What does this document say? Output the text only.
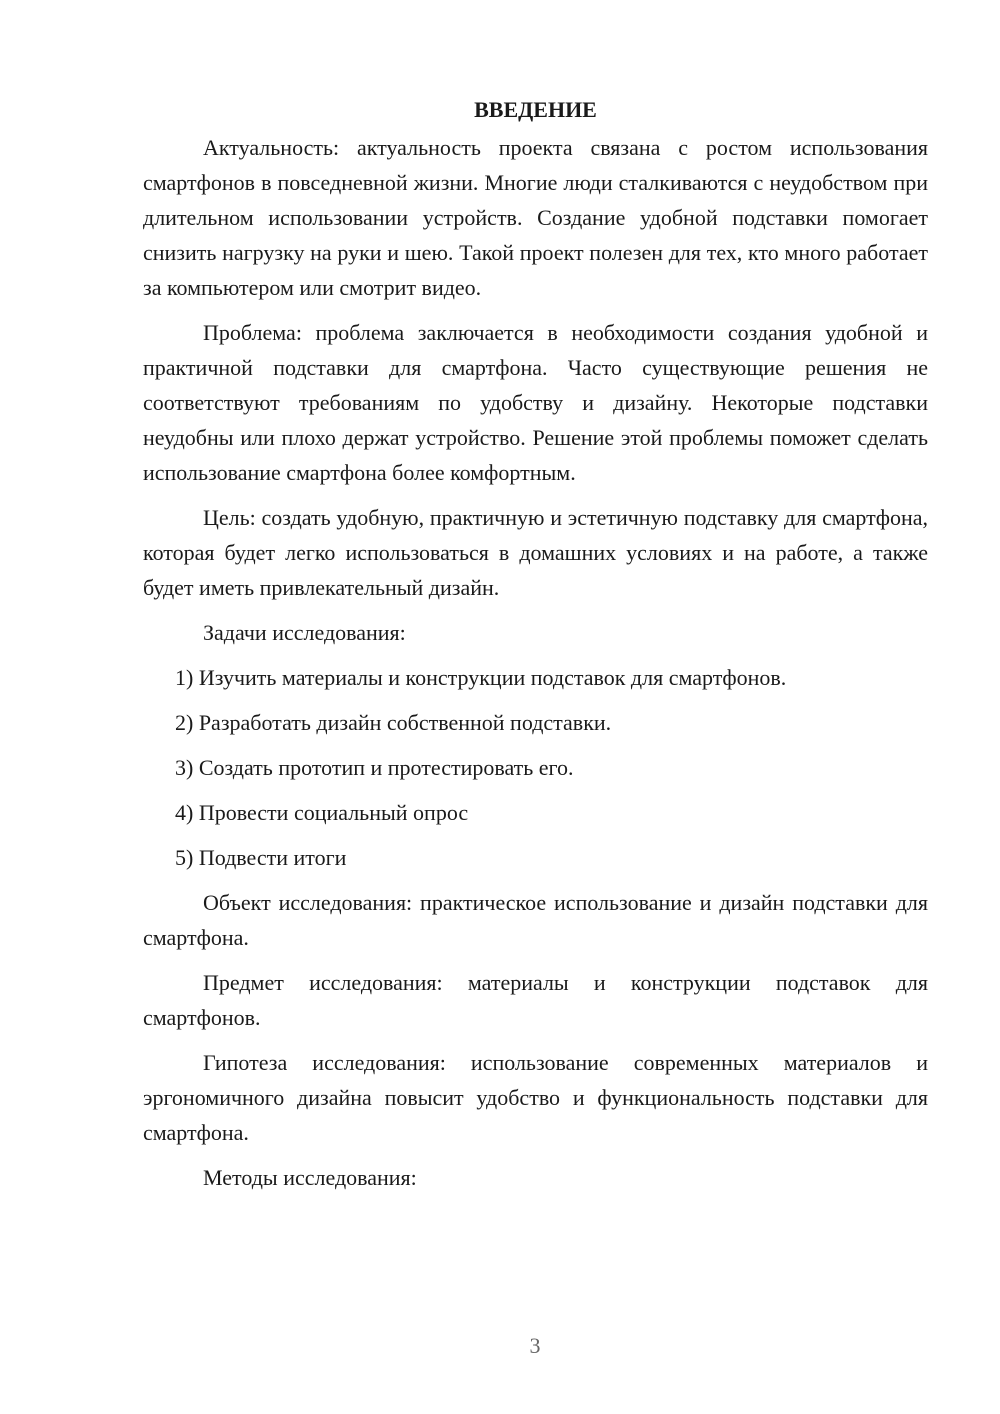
ВВЕДЕНИЕ

Актуальность: актуальность проекта связана с ростом использования смартфонов в повседневной жизни. Многие люди сталкиваются с неудобством при длительном использовании устройств. Создание удобной подставки помогает снизить нагрузку на руки и шею. Такой проект полезен для тех, кто много работает за компьютером или смотрит видео.

Проблема: проблема заключается в необходимости создания удобной и практичной подставки для смартфона. Часто существующие решения не соответствуют требованиям по удобству и дизайну. Некоторые подставки неудобны или плохо держат устройство. Решение этой проблемы поможет сделать использование смартфона более комфортным.

Цель: создать удобную, практичную и эстетичную подставку для смартфона, которая будет легко использоваться в домашних условиях и на работе, а также будет иметь привлекательный дизайн.

Задачи исследования:

1) Изучить материалы и конструкции подставок для смартфонов.
2) Разработать дизайн собственной подставки.
3) Создать прототип и протестировать его.
4) Провести социальный опрос
5) Подвести итоги

Объект исследования: практическое использование и дизайн подставки для смартфона.

Предмет исследования: материалы и конструкции подставок для смартфонов.

Гипотеза исследования: использование современных материалов и эргономичного дизайна повысит удобство и функциональность подставки для смартфона.

Методы исследования:

3
